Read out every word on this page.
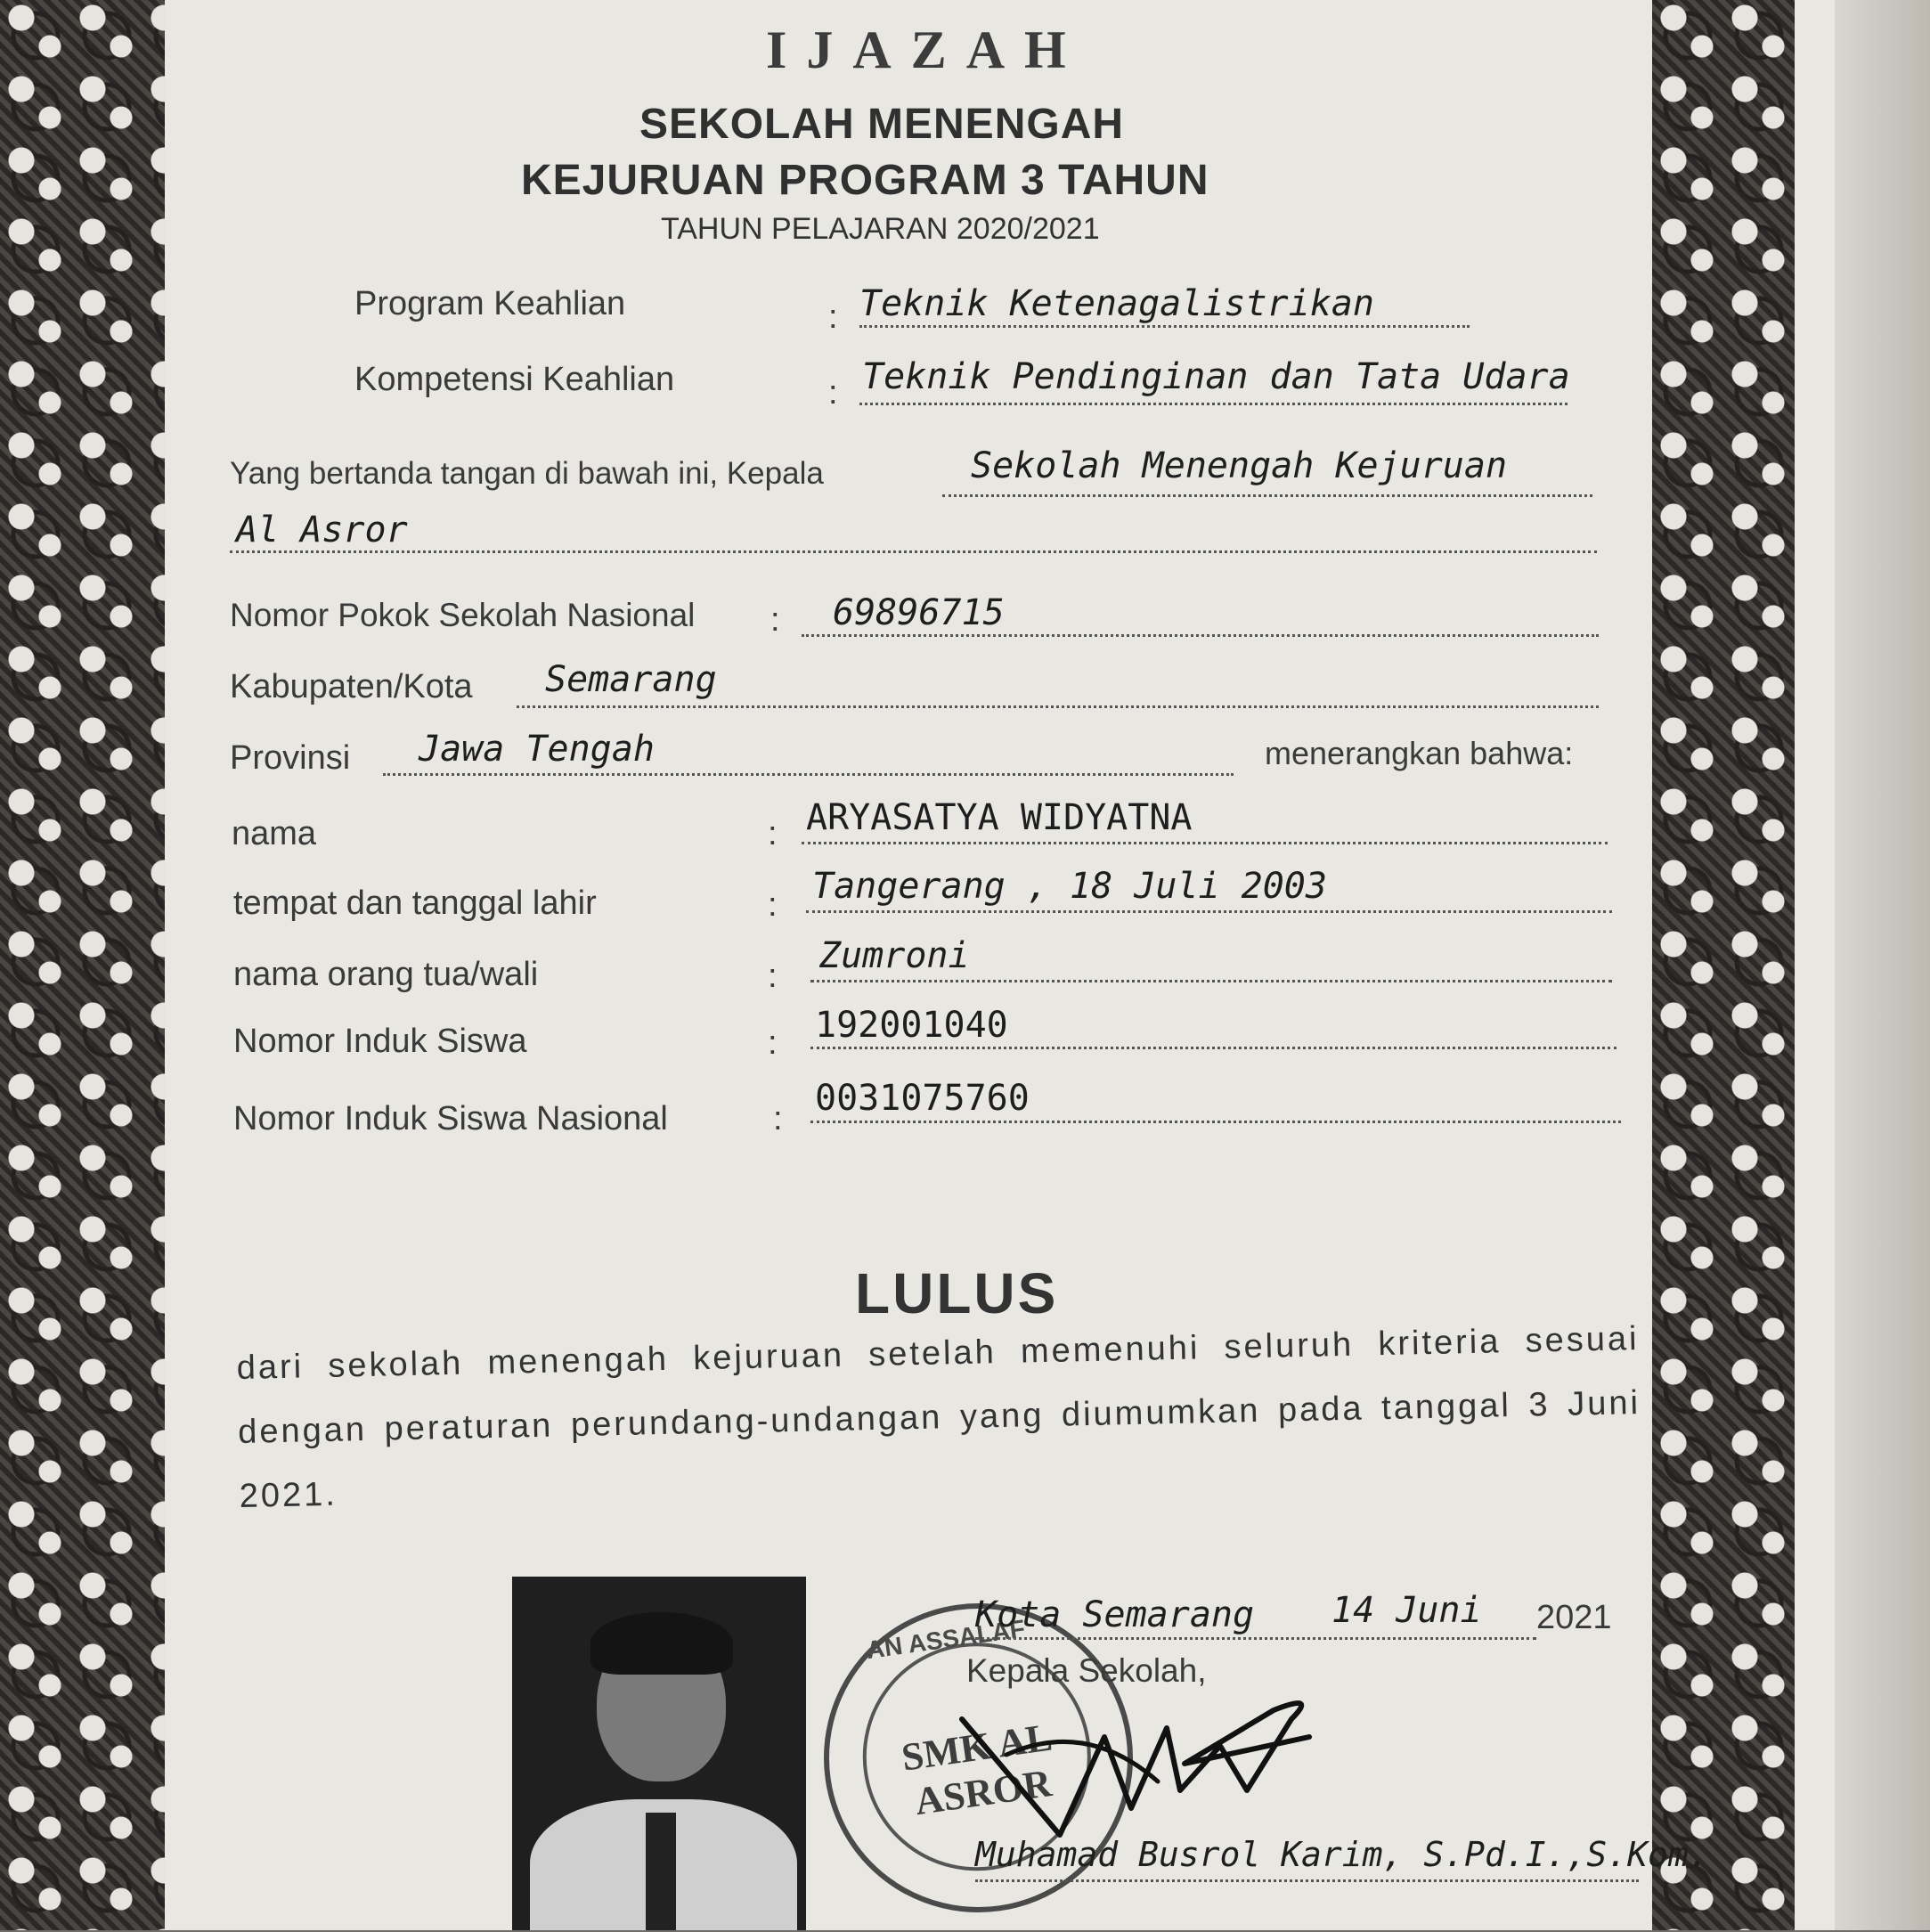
IJAZAH
SEKOLAH MENENGAH
KEJURUAN PROGRAM 3 TAHUN
TAHUN PELAJARAN 2020/2021
Program Keahlian	: Teknik Ketenagalistrikan
Kompetensi Keahlian	: Teknik Pendinginan dan Tata Udara
Yang bertanda tangan di bawah ini, Kepala	Sekolah Menengah Kejuruan
Al Asror
Nomor Pokok Sekolah Nasional : 69896715
Kabupaten/Kota Semarang
Provinsi Jawa Tengah	menerangkan bahwa:
nama	: ARYASATYA WIDYATNA
tempat dan tanggal lahir	: Tangerang , 18 Juli 2003
nama orang tua/wali	: Zumroni
Nomor Induk Siswa	: 192001040
Nomor Induk Siswa Nasional	: 0031075760
LULUS
dari sekolah menengah kejuruan setelah memenuhi seluruh kriteria sesuai dengan peraturan perundang-undangan yang diumumkan pada tanggal 3 Juni 2021.
AN ASSALAF
SMK AL ASROR
Kota Semarang 14 Juni 2021
Kepala Sekolah,
Muhamad Busrol Karim, S.Pd.I.,S.Kom.
